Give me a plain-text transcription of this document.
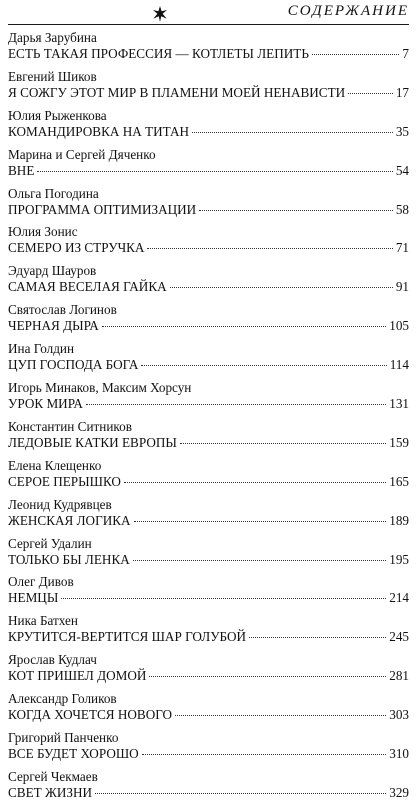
СОДЕРЖАНИЕ
Дарья Зарубина
ЕСТЬ ТАКАЯ ПРОФЕССИЯ — КОТЛЕТЫ ЛЕПИТЬ	7
Евгений Шиков
Я СОЖГУ ЭТОТ МИР В ПЛАМЕНИ МОЕЙ НЕНАВИСТИ	17
Юлия Рыженкова
КОМАНДИРОВКА НА ТИТАН	35
Марина и Сергей Дяченко
ВНЕ	54
Ольга Погодина
ПРОГРАММА ОПТИМИЗАЦИИ	58
Юлия Зонис
СЕМЕРО ИЗ СТРУЧКА	71
Эдуард Шауров
САМАЯ ВЕСЕЛАЯ ГАЙКА	91
Святослав Логинов
ЧЕРНАЯ ДЫРА	105
Ина Голдин
ЦУП ГОСПОДА БОГА	114
Игорь Минаков, Максим Хорсун
УРОК МИРА	131
Константин Ситников
ЛЕДОВЫЕ КАТКИ ЕВРОПЫ	159
Елена Клещенко
СЕРОЕ ПЕРЫШКО	165
Леонид Кудрявцев
ЖЕНСКАЯ ЛОГИКА	189
Сергей Удалин
ТОЛЬКО БЫ ЛЕНКА	195
Олег Дивов
НЕМЦЫ	214
Ника Батхен
КРУТИТСЯ-ВЕРТИТСЯ ШАР ГОЛУБОЙ	245
Ярослав Кудлач
КОТ ПРИШЕЛ ДОМОЙ	281
Александр Голиков
КОГДА ХОЧЕТСЯ НОВОГО	303
Григорий Панченко
ВСЕ БУДЕТ ХОРОШО	310
Сергей Чекмаев
СВЕТ ЖИЗНИ	329
